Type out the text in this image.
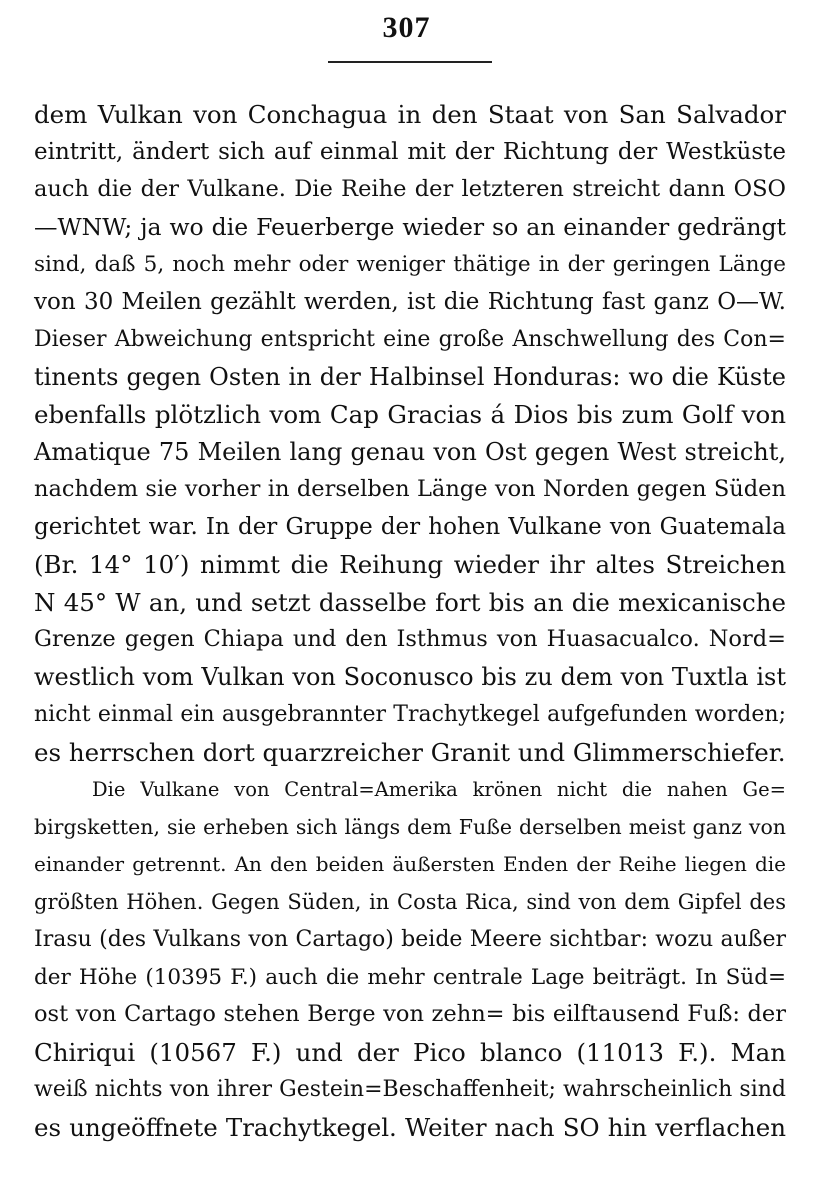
307
dem Vulkan von Conchagua in den Staat von San Salvador
eintritt, ändert sich auf einmal mit der Richtung der Westküste
auch die der Vulkane. Die Reihe der letzteren streicht dann OSO
—WNW; ja wo die Feuerberge wieder so an einander gedrängt
sind, daß 5, noch mehr oder weniger thätige in der geringen Länge
von 30 Meilen gezählt werden, ist die Richtung fast ganz O—W.
Dieser Abweichung entspricht eine große Anschwellung des Con=
tinents gegen Osten in der Halbinsel Honduras: wo die Küste
ebenfalls plötzlich vom Cap Gracias á Dios bis zum Golf von
Amatique 75 Meilen lang genau von Ost gegen West streicht,
nachdem sie vorher in derselben Länge von Norden gegen Süden
gerichtet war. In der Gruppe der hohen Vulkane von Guatemala
(Br. 14° 10′) nimmt die Reihung wieder ihr altes Streichen
N 45° W an, und setzt dasselbe fort bis an die mexicanische
Grenze gegen Chiapa und den Isthmus von Huasacualco. Nord=
westlich vom Vulkan von Soconusco bis zu dem von Tuxtla ist
nicht einmal ein ausgebrannter Trachytkegel aufgefunden worden;
es herrschen dort quarzreicher Granit und Glimmerschiefer.
Die Vulkane von Central=Amerika krönen nicht die nahen Ge=
birgsketten, sie erheben sich längs dem Fuße derselben meist ganz von
einander getrennt. An den beiden äußersten Enden der Reihe liegen die
größten Höhen. Gegen Süden, in Costa Rica, sind von dem Gipfel des
Irasu (des Vulkans von Cartago) beide Meere sichtbar: wozu außer
der Höhe (10395 F.) auch die mehr centrale Lage beiträgt. In Süd=
ost von Cartago stehen Berge von zehn= bis eilftausend Fuß: der
Chiriqui (10567 F.) und der Pico blanco (11013 F.). Man
weiß nichts von ihrer Gestein=Beschaffenheit; wahrscheinlich sind
es ungeöffnete Trachytkegel. Weiter nach SO hin verflachen
